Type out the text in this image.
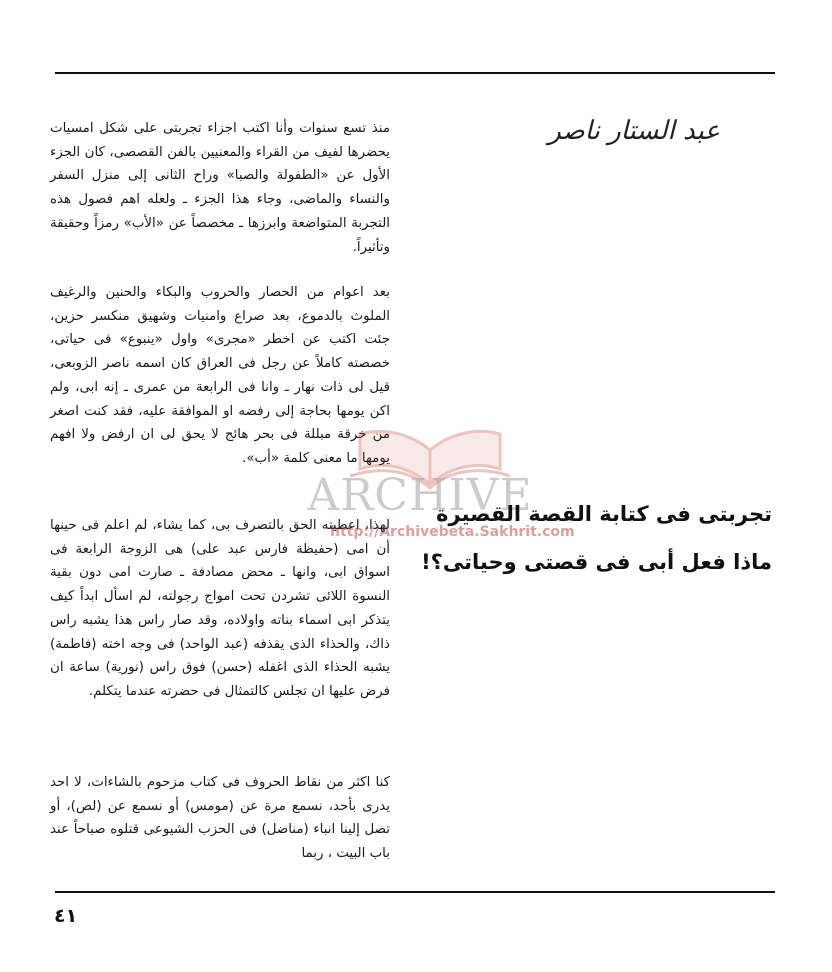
عبد الستار ناصر

منذ تسع سنوات وأنا اكتب اجزاء تجربتى على شكل امسيات يحضرها لفيف من القراء والمعنيين بالفن القصصى، كان الجزء الأول عن «الطفولة والصبا» وراح الثانى إلى منزل السفر والنساء والماضى، وجاء هذا الجزء ـ ولعله اهم فصول هذه التجربة المتواضعة وابرزها ـ مخصصاً عن «الأب» رمزاً وحقيقة وتأثيراً.

بعد اعوام من الحصار والحروب والبكاء والحنين والرغيف الملوث بالدموع، بعد صراع وامنيات وشهيق منكسر حزين، جئت اكتب عن اخطر «مجرى» واول «ينبوع» فى حياتى، خصصته كاملاً عن رجل فى العراق كان اسمه ناصر الزوبعى، قيل لى ذات نهار ـ وانا فى الرابعة من عمرى ـ إنه ابى، ولم اكن يومها بحاجة إلى رفضه او الموافقة عليه، فقد كنت اصغر من خرقة مبللة فى بحر هائج لا يحق لى ان ارفض ولا افهم يومها ما معنى كلمة «أب».

لهذا، اعطيته الحق بالتصرف بى، كما يشاء، لم اعلم فى حينها أن امى (حفيظة فارس عبد على) هى الزوجة الرابعة فى اسواق ابى، وانها ـ محض مصادفة ـ صارت امى دون بقية النسوة اللائى تشردن تحت امواج رجولته، لم اسأل ابداً كيف يتذكر ابى اسماء بناته واولاده، وقد صار راس هذا يشبه راس ذاك، والحذاء الذى يقذفه (عبد الواحد) فى وجه اخته (فاطمة) يشبه الحذاء الذى اغفله (حسن) فوق راس (نورية) ساعة ان فرض عليها ان تجلس كالتمثال فى حضرته عندما يتكلم.

كنا اكثر من نقاط الحروف فى كتاب مزحوم بالشاءات، لا احد يدرى بأحد، نسمع مرة عن (مومس) أو نسمع عن (لص)، أو تصل إلينا انباء (مناضل) فى الحزب الشيوعى قتلوه صباحاً عند باب البيت ، ربما

ARCHIVE
http://Archivebeta.Sakhrit.com
تجربتى فى كتابة القصة القصيرة
ماذا فعل أبى فى قصتى وحياتى؟!
٤١
